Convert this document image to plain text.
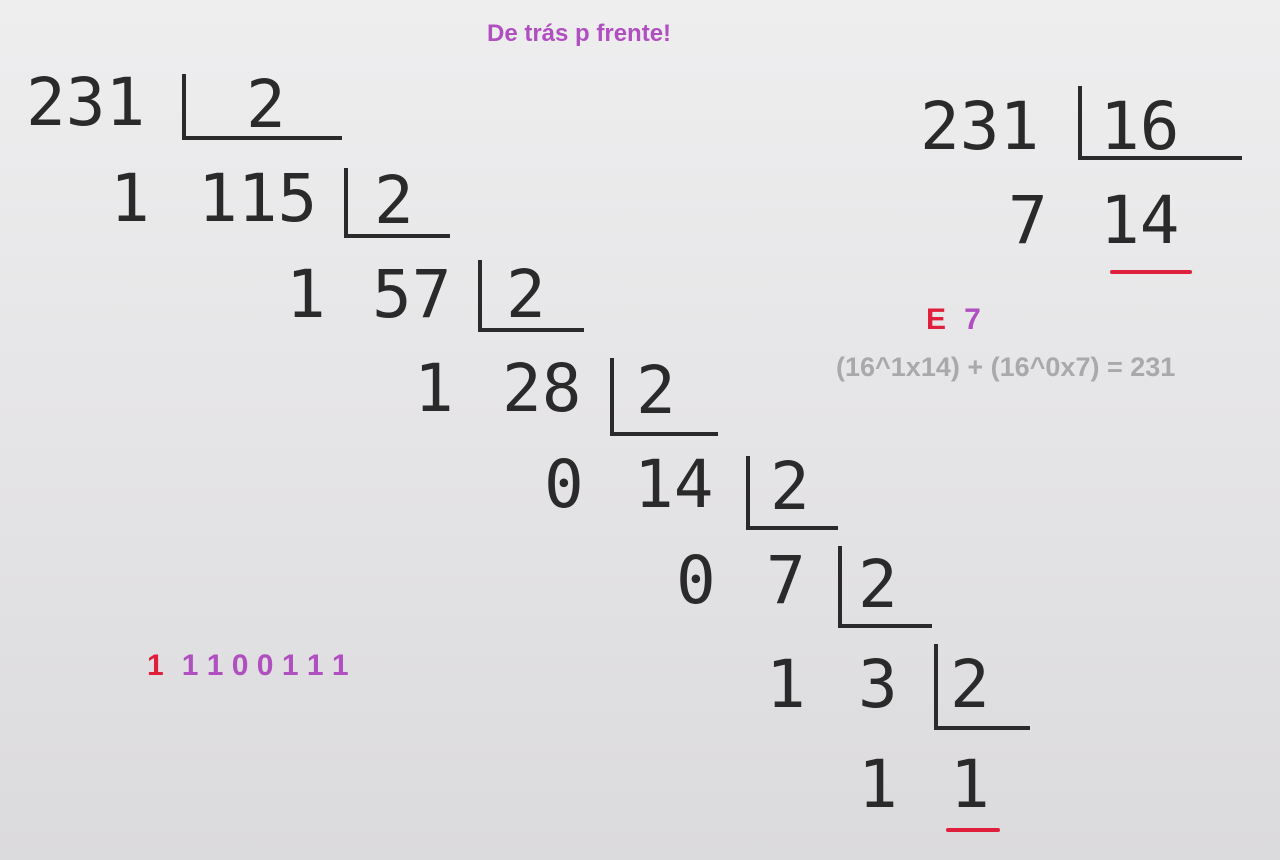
De trás p frente!
231 2
1 115 2
1 57 2
1 28 2
0 14 2
0 7 2
1 3 2
1 1
1 1 1 0 0 1 1 1
231 16
7 14
E 7
(16^1x14) + (16^0x7) = 231
